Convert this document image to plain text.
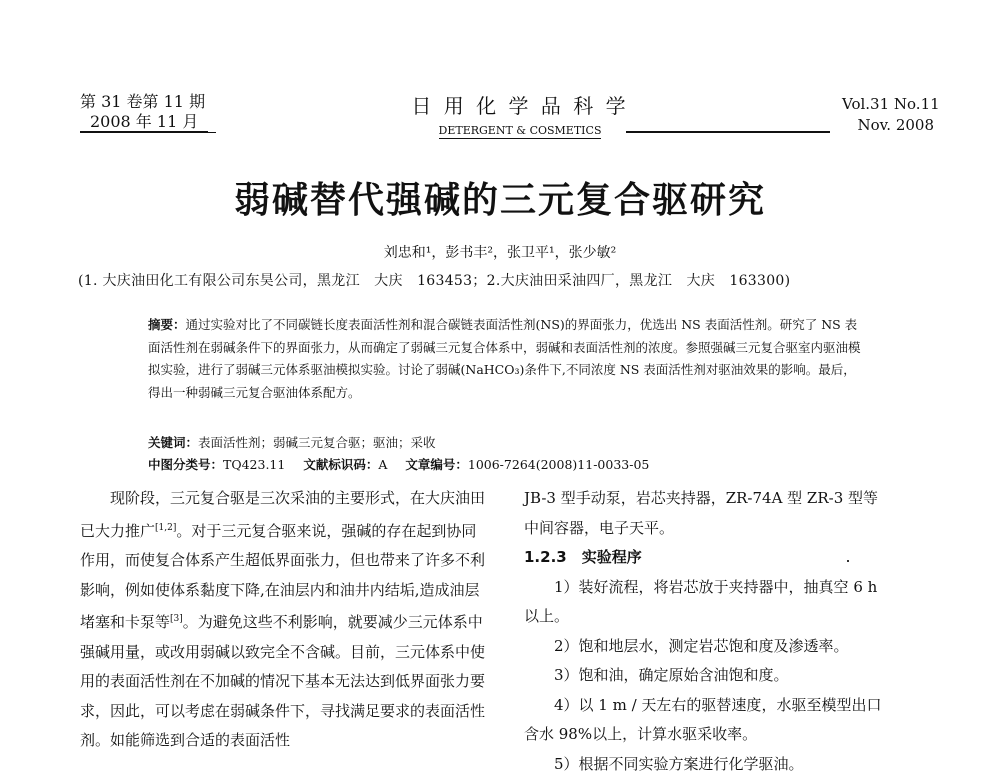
第 31 卷第 11 期
2008 年 11 月
日 用 化 学 品 科 学
DETERGENT & COSMETICS
Vol.31 No.11
Nov. 2008
弱碱替代强碱的三元复合驱研究
刘忠和¹，彭书丰²，张卫平¹，张少敏²
(1. 大庆油田化工有限公司东昊公司，黑龙江　大庆　163453；2.大庆油田采油四厂，黑龙江　大庆　163300)
摘要：通过实验对比了不同碳链长度表面活性剂和混合碳链表面活性剂(NS)的界面张力，优选出 NS 表面活性剂。研究了 NS 表面活性剂在弱碱条件下的界面张力，从而确定了弱碱三元复合体系中，弱碱和表面活性剂的浓度。参照强碱三元复合驱室内驱油模拟实验，进行了弱碱三元体系驱油模拟实验。讨论了弱碱(NaHCO₃)条件下,不同浓度 NS 表面活性剂对驱油效果的影响。最后，得出一种弱碱三元复合驱油体系配方。
关键词：表面活性剂；弱碱三元复合驱；驱油；采收
中图分类号：TQ423.11 文献标识码：A 文章编号：1006-7264(2008)11-0033-05

现阶段，三元复合驱是三次采油的主要形式，在大庆油田已大力推广[1,2]。对于三元复合驱来说，强碱的存在起到协同作用，而使复合体系产生超低界面张力，但也带来了许多不利影响，例如使体系黏度下降,在油层内和油井内结垢,造成油层堵塞和卡泵等[3]。为避免这些不利影响，就要减少三元体系中强碱用量，或改用弱碱以致完全不含碱。目前，三元体系中使用的表面活性剂在不加碱的情况下基本无法达到低界面张力要求，因此，可以考虑在弱碱条件下，寻找满足要求的表面活性剂。如能筛选到合适的表面活性

JB-3 型手动泵，岩芯夹持器，ZR-74A 型 ZR-3 型等

中间容器，电子天平。

1.2.3　实验程序

1）装好流程，将岩芯放于夹持器中，抽真空 6 h

以上。

2）饱和地层水，测定岩芯饱和度及渗透率。

3）饱和油，确定原始含油饱和度。

4）以 1 m / 天左右的驱替速度，水驱至模型出口

含水 98%以上，计算水驱采收率。

5）根据不同实验方案进行化学驱油。
